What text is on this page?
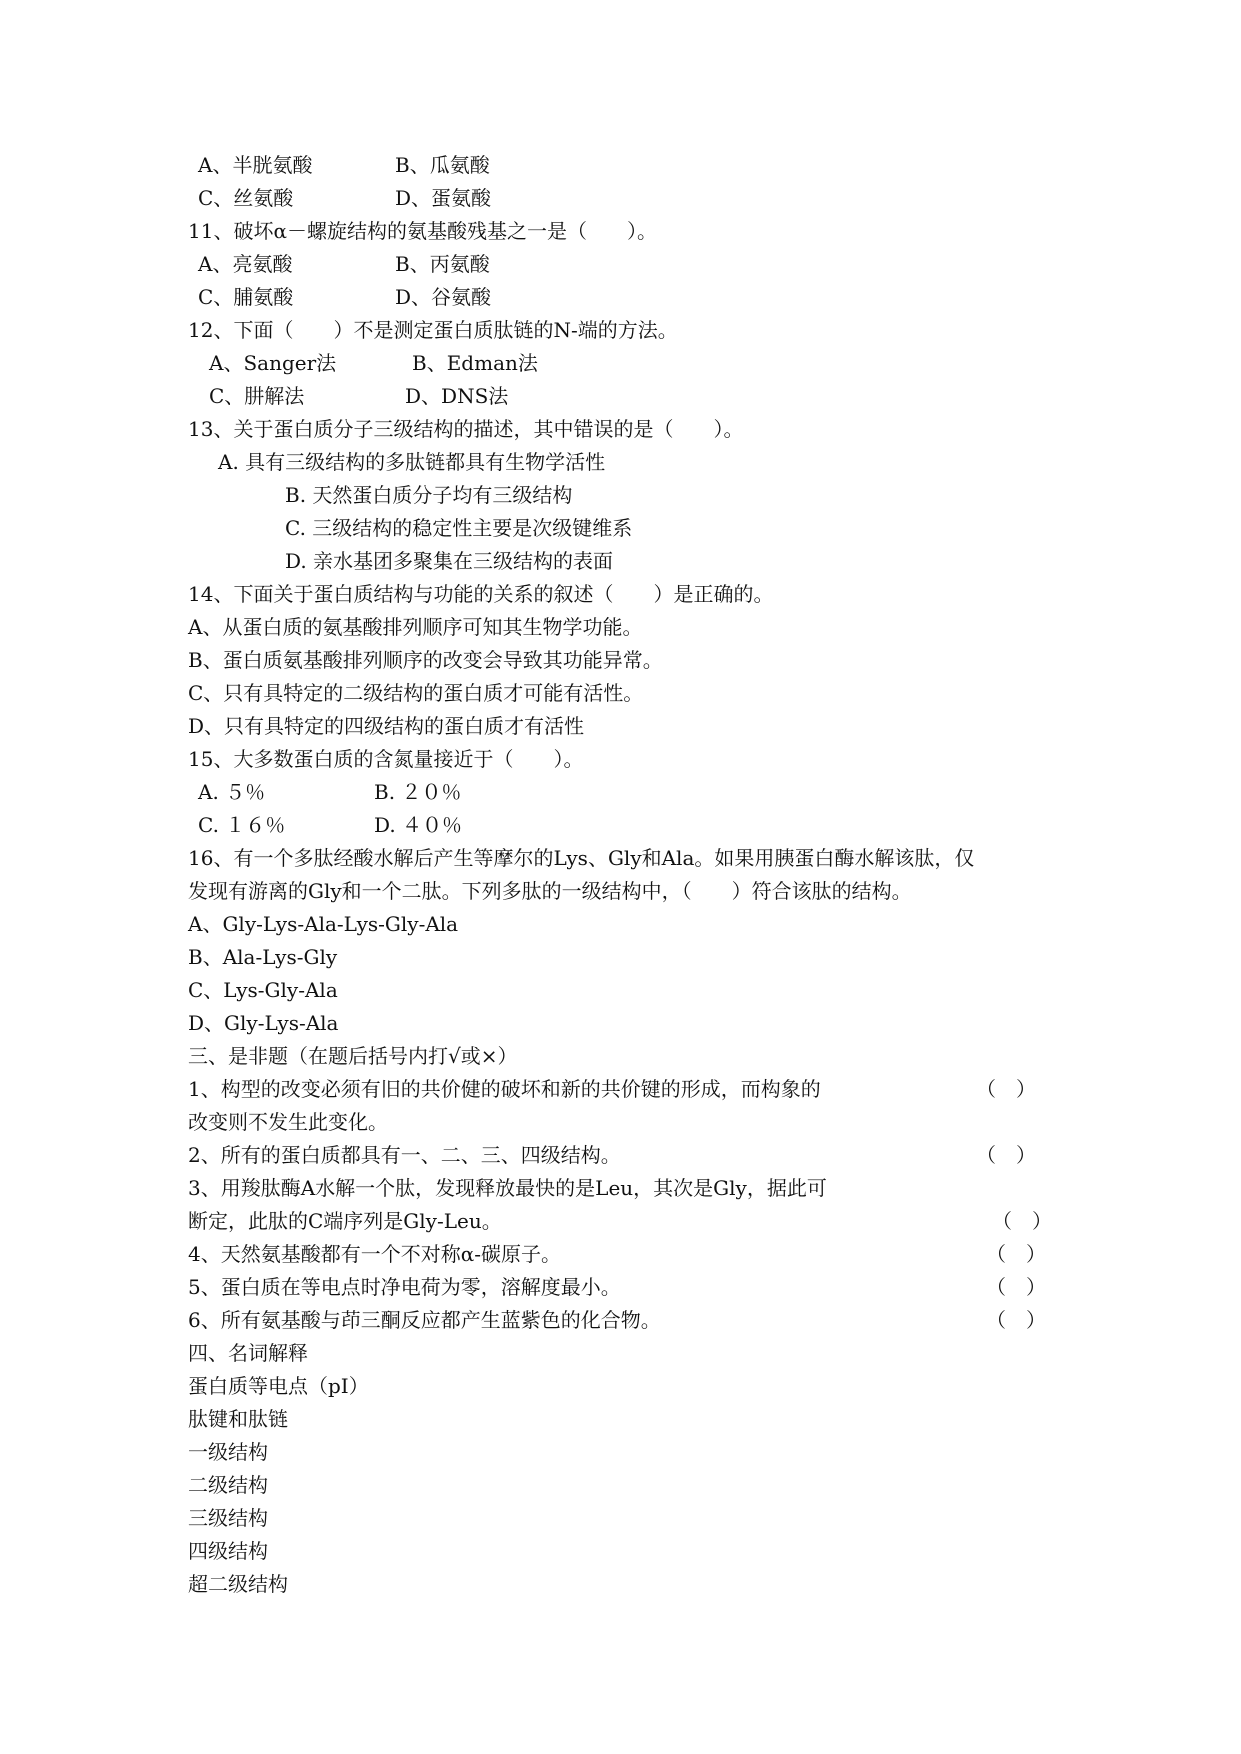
A、半胱氨酸	B、瓜氨酸
C、丝氨酸	D、蛋氨酸
11、破坏α－螺旋结构的氨基酸残基之一是（　　）。
A、亮氨酸	B、丙氨酸
C、脯氨酸	D、谷氨酸
12、下面（　　）不是测定蛋白质肽链的N-端的方法。
A、Sanger法	B、Edman法
C、肼解法	D、DNS法
13、关于蛋白质分子三级结构的描述，其中错误的是（　　）。
A. 具有三级结构的多肽链都具有生物学活性
B. 天然蛋白质分子均有三级结构
C. 三级结构的稳定性主要是次级键维系
D. 亲水基团多聚集在三级结构的表面
14、下面关于蛋白质结构与功能的关系的叙述（　　）是正确的。
A、从蛋白质的氨基酸排列顺序可知其生物学功能。
B、蛋白质氨基酸排列顺序的改变会导致其功能异常。
C、只有具特定的二级结构的蛋白质才可能有活性。
D、只有具特定的四级结构的蛋白质才有活性
15、大多数蛋白质的含氮量接近于（　　）。
A. ５％	B. ２０％
C. １６％	D. ４０％
16、有一个多肽经酸水解后产生等摩尔的Lys、Gly和Ala。如果用胰蛋白酶水解该肽，仅
发现有游离的Gly和一个二肽。下列多肽的一级结构中，（　　）符合该肽的结构。
A、Gly-Lys-Ala-Lys-Gly-Ala
B、Ala-Lys-Gly
C、Lys-Gly-Ala
D、Gly-Lys-Ala
三、是非题（在题后括号内打√或×）
1、构型的改变必须有旧的共价健的破坏和新的共价键的形成，而构象的	（　）
改变则不发生此变化。
2、所有的蛋白质都具有一、二、三、四级结构。	（　）
3、用羧肽酶A水解一个肽，发现释放最快的是Leu，其次是Gly，据此可
断定，此肽的C端序列是Gly-Leu。	（　）
4、天然氨基酸都有一个不对称α-碳原子。	（　）
5、蛋白质在等电点时净电荷为零，溶解度最小。	（　）
6、所有氨基酸与茚三酮反应都产生蓝紫色的化合物。	（　）
四、名词解释
蛋白质等电点（pI）
肽键和肽链
一级结构
二级结构
三级结构
四级结构
超二级结构
